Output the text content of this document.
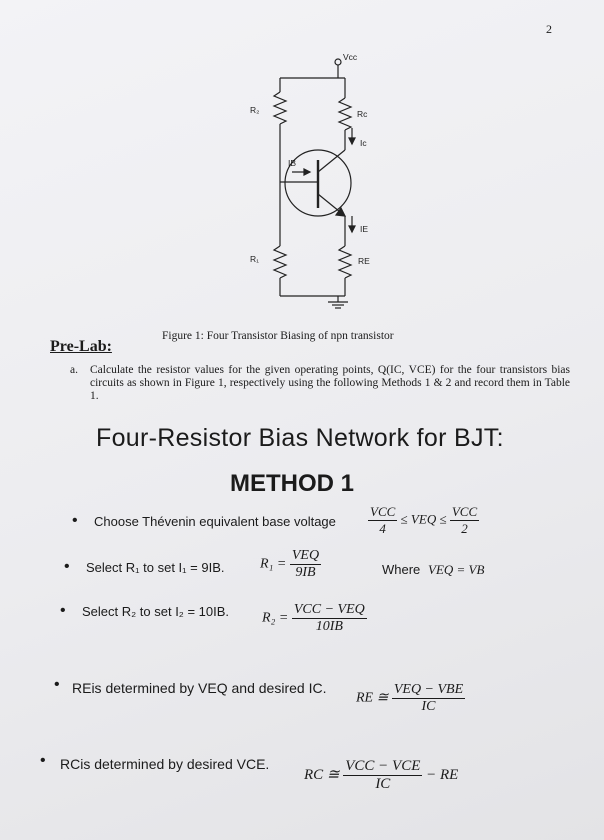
2
Vcc
R₂	Rc
IB
Ic
IE
R₁	RE
Figure 1: Four Transistor Biasing of npn transistor
Pre-Lab:
a. Calculate the resistor values for the given operating points, Q(IC, VCE) for the four transistors bias circuits as shown in Figure 1, respectively using the following Methods 1 & 2 and record them in Table 1.
Four-Resistor Bias Network for BJT:
METHOD 1
• Choose Thévenin equivalent base voltage $\frac{\text{VCC}}{4}$ ≤ VEQ ≤ $\frac{\text{VCC}}{2}$
• Select R₁ to set I₁ = 9IB.	$R_1 = \frac{\text{VEQ}}{9IB}$	Where VEQ = VB
• Select R₂ to set I₂ = 10IB. $R_2 = \frac{\text{VCC − VEQ}}{10IB}$
• REis determined by VEQ and desired IC.
RE ≅ $\frac{\text{VEQ − VBE}}{IC}$
• RCis determined by desired VCE.
RC ≅ $\frac{\text{VCC − VCE}}{IC}$ − RE
